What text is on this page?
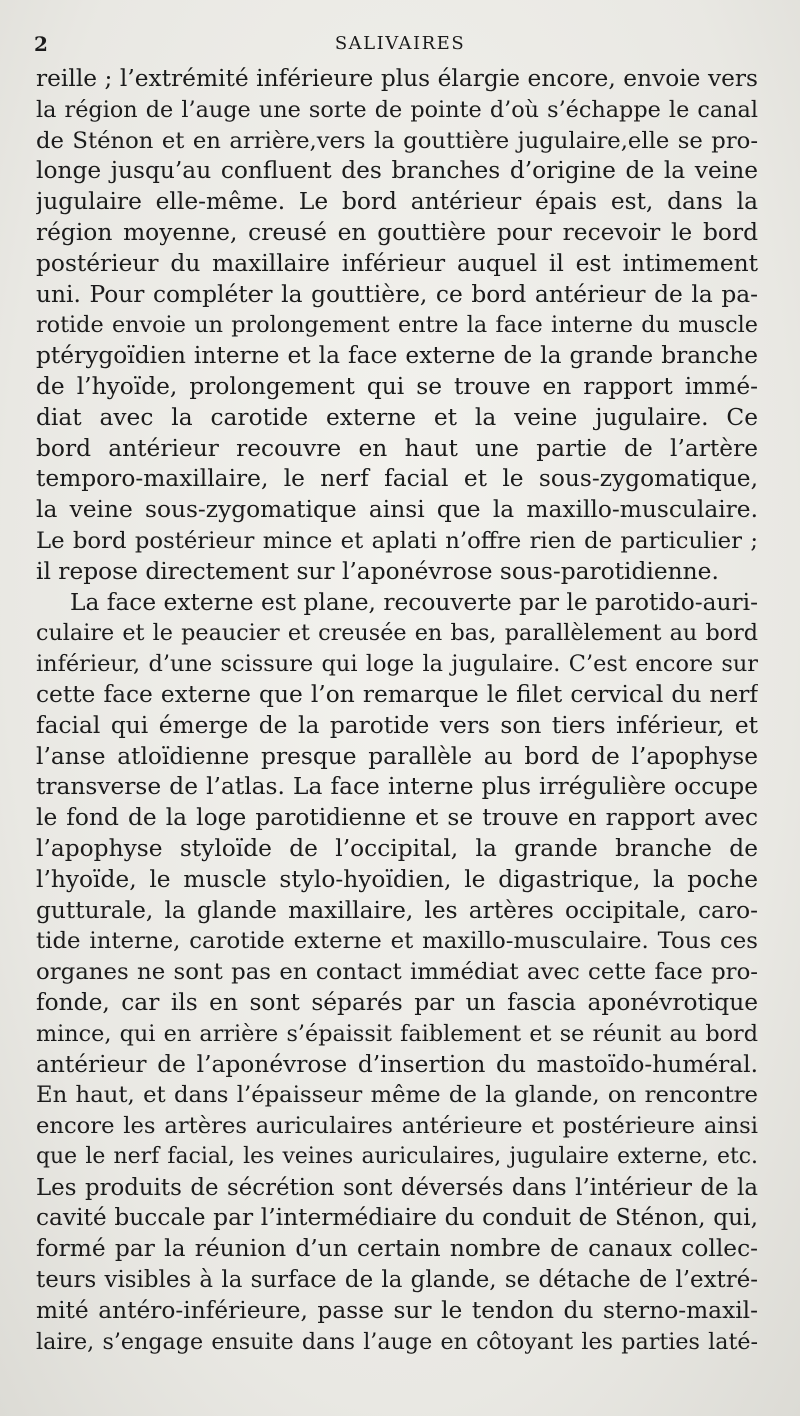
2	SALIVAIRES
reille ; l’extrémité inférieure plus élargie encore, envoie vers
la région de l’auge une sorte de pointe d’où s’échappe le canal
de Sténon et en arrière,vers la gouttière jugulaire,elle se pro-
longe jusqu’au confluent des branches d’origine de la veine
jugulaire elle-même. Le bord antérieur épais est, dans la
région moyenne, creusé en gouttière pour recevoir le bord
postérieur du maxillaire inférieur auquel il est intimement
uni. Pour compléter la gouttière, ce bord antérieur de la pa-
rotide envoie un prolongement entre la face interne du muscle
ptérygoïdien interne et la face externe de la grande branche
de l’hyoïde, prolongement qui se trouve en rapport immé-
diat avec la carotide externe et la veine jugulaire. Ce
bord antérieur recouvre en haut une partie de l’artère
temporo-maxillaire, le nerf facial et le sous-zygomatique,
la veine sous-zygomatique ainsi que la maxillo-musculaire.
Le bord postérieur mince et aplati n’offre rien de particulier ;
il repose directement sur l’aponévrose sous-parotidienne.
La face externe est plane, recouverte par le parotido-auri-
culaire et le peaucier et creusée en bas, parallèlement au bord
inférieur, d’une scissure qui loge la jugulaire. C’est encore sur
cette face externe que l’on remarque le filet cervical du nerf
facial qui émerge de la parotide vers son tiers inférieur, et
l’anse atloïdienne presque parallèle au bord de l’apophyse
transverse de l’atlas. La face interne plus irrégulière occupe
le fond de la loge parotidienne et se trouve en rapport avec
l’apophyse styloïde de l’occipital, la grande branche de
l’hyoïde, le muscle stylo-hyoïdien, le digastrique, la poche
gutturale, la glande maxillaire, les artères occipitale, caro-
tide interne, carotide externe et maxillo-musculaire. Tous ces
organes ne sont pas en contact immédiat avec cette face pro-
fonde, car ils en sont séparés par un fascia aponévrotique
mince, qui en arrière s’épaissit faiblement et se réunit au bord
antérieur de l’aponévrose d’insertion du mastoïdo-huméral.
En haut, et dans l’épaisseur même de la glande, on rencontre
encore les artères auriculaires antérieure et postérieure ainsi
que le nerf facial, les veines auriculaires, jugulaire externe, etc.
Les produits de sécrétion sont déversés dans l’intérieur de la
cavité buccale par l’intermédiaire du conduit de Sténon, qui,
formé par la réunion d’un certain nombre de canaux collec-
teurs visibles à la surface de la glande, se détache de l’extré-
mité antéro-inférieure, passe sur le tendon du sterno-maxil-
laire, s’engage ensuite dans l’auge en côtoyant les parties laté-
